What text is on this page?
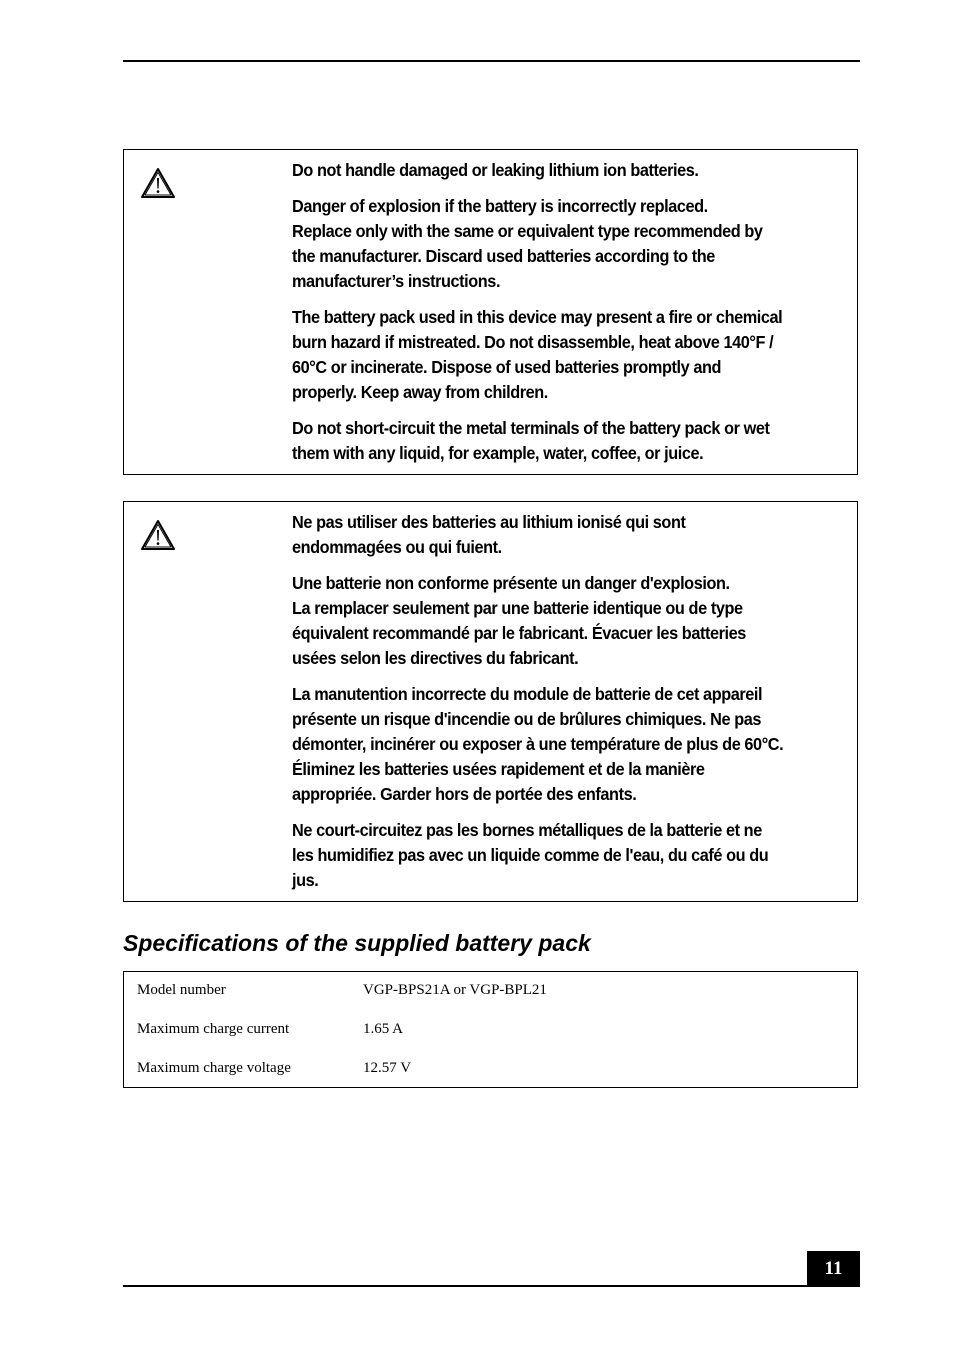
Do not handle damaged or leaking lithium ion batteries.

Danger of explosion if the battery is incorrectly replaced.
Replace only with the same or equivalent type recommended by
the manufacturer. Discard used batteries according to the
manufacturer’s instructions.

The battery pack used in this device may present a fire or chemical
burn hazard if mistreated. Do not disassemble, heat above 140°F /
60°C or incinerate. Dispose of used batteries promptly and
properly. Keep away from children.

Do not short-circuit the metal terminals of the battery pack or wet
them with any liquid, for example, water, coffee, or juice.

Ne pas utiliser des batteries au lithium ionisé qui sont
endommagées ou qui fuient.

Une batterie non conforme présente un danger d'explosion.
La remplacer seulement par une batterie identique ou de type
équivalent recommandé par le fabricant. Évacuer les batteries
usées selon les directives du fabricant.

La manutention incorrecte du module de batterie de cet appareil
présente un risque d'incendie ou de brûlures chimiques. Ne pas
démonter, incinérer ou exposer à une température de plus de 60°C.
Éliminez les batteries usées rapidement et de la manière
appropriée. Garder hors de portée des enfants.

Ne court-circuitez pas les bornes métalliques de la batterie et ne
les humidifiez pas avec un liquide comme de l'eau, du café ou du
jus.

Specifications of the supplied battery pack
Model number	VGP-BPS21A or VGP-BPL21
Maximum charge current	1.65 A
Maximum charge voltage	12.57 V
11
